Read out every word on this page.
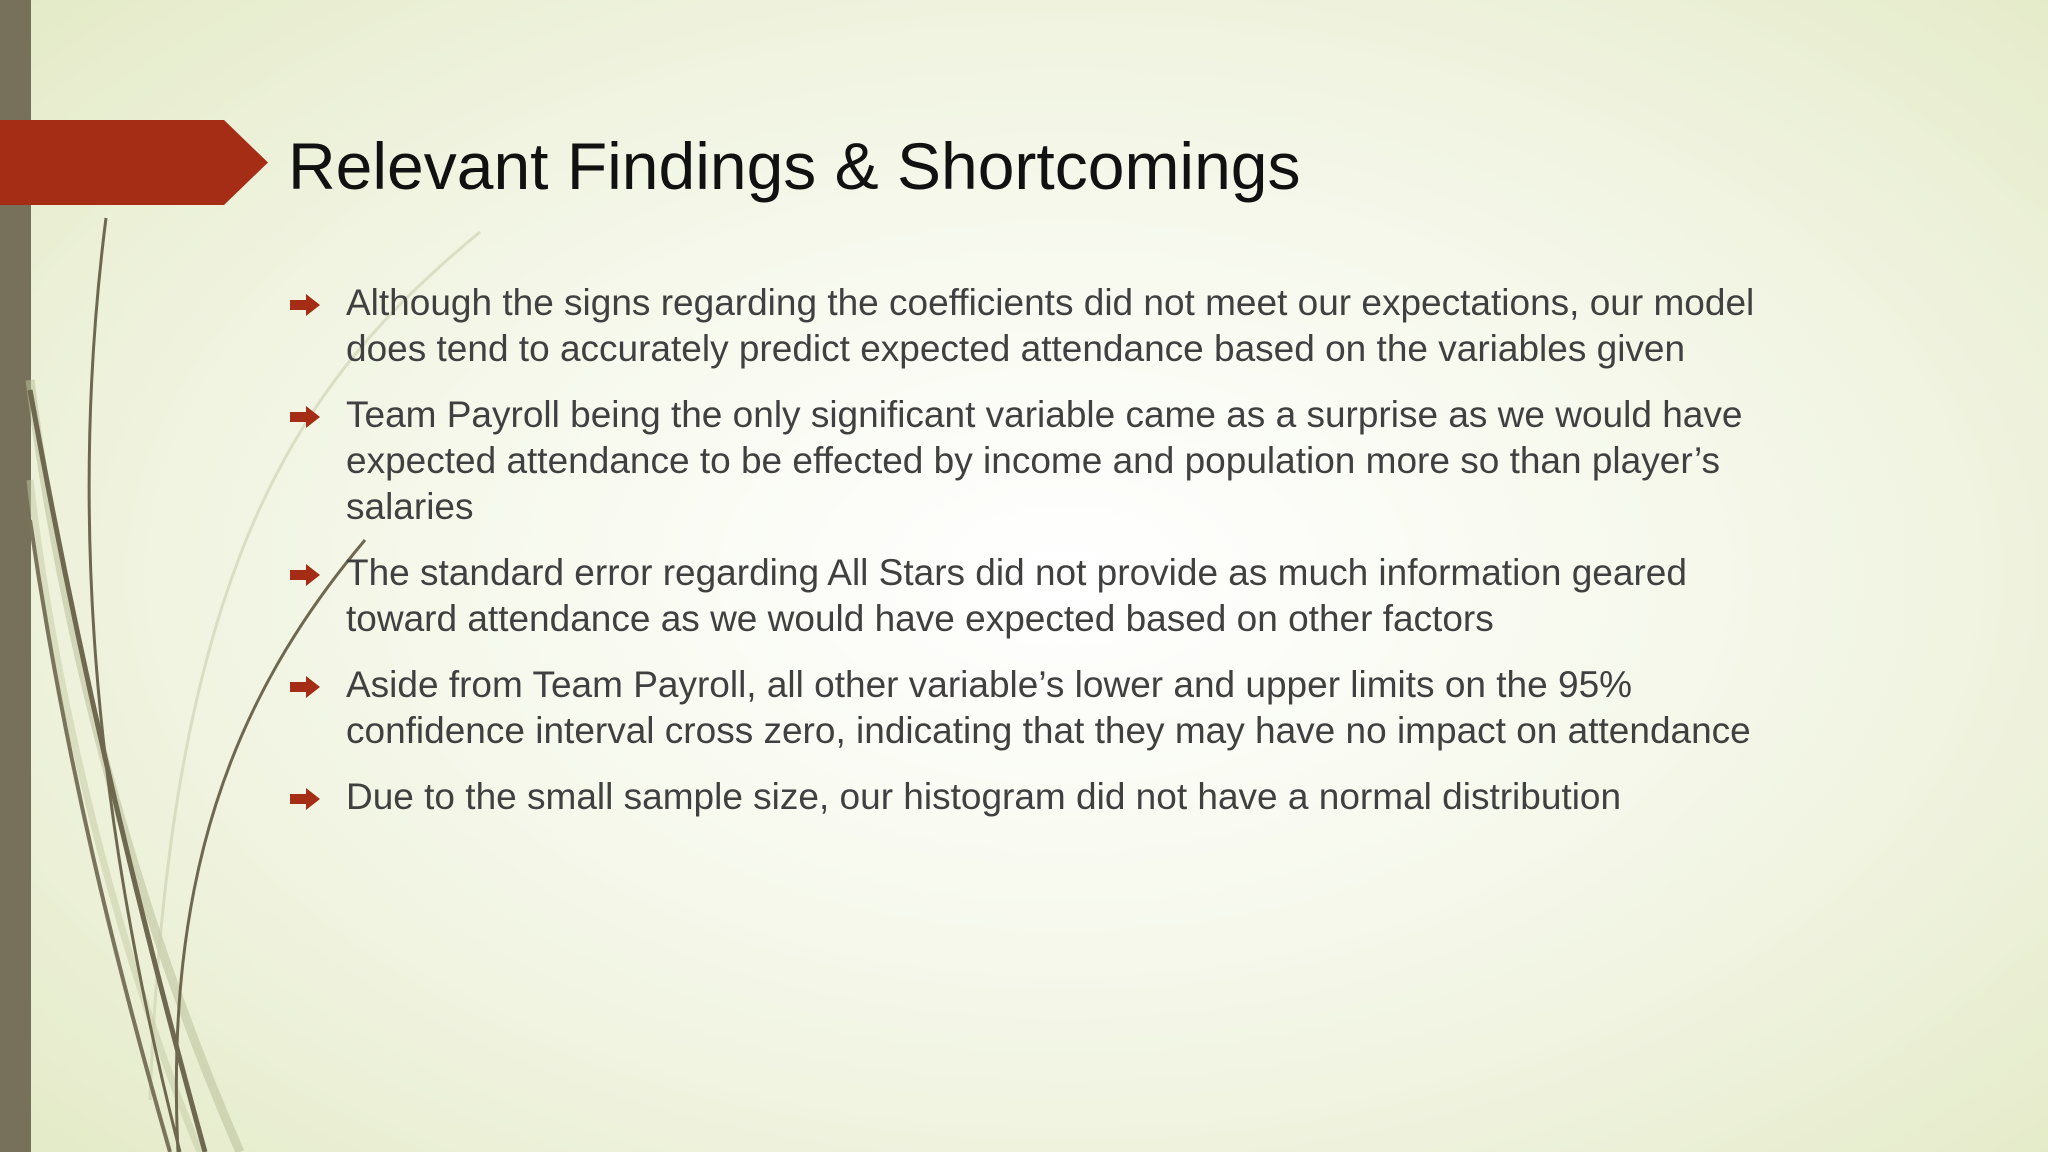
Relevant Findings & Shortcomings
Although the signs regarding the coefficients did not meet our expectations, our model does tend to accurately predict expected attendance based on the variables given
Team Payroll being the only significant variable came as a surprise as we would have expected attendance to be effected by income and population more so than player’s salaries
The standard error regarding All Stars did not provide as much information geared toward attendance as we would have expected based on other factors
Aside from Team Payroll, all other variable’s lower and upper limits on the 95% confidence interval cross zero, indicating that they may have no impact on attendance
Due to the small sample size, our histogram did not have a normal distribution
